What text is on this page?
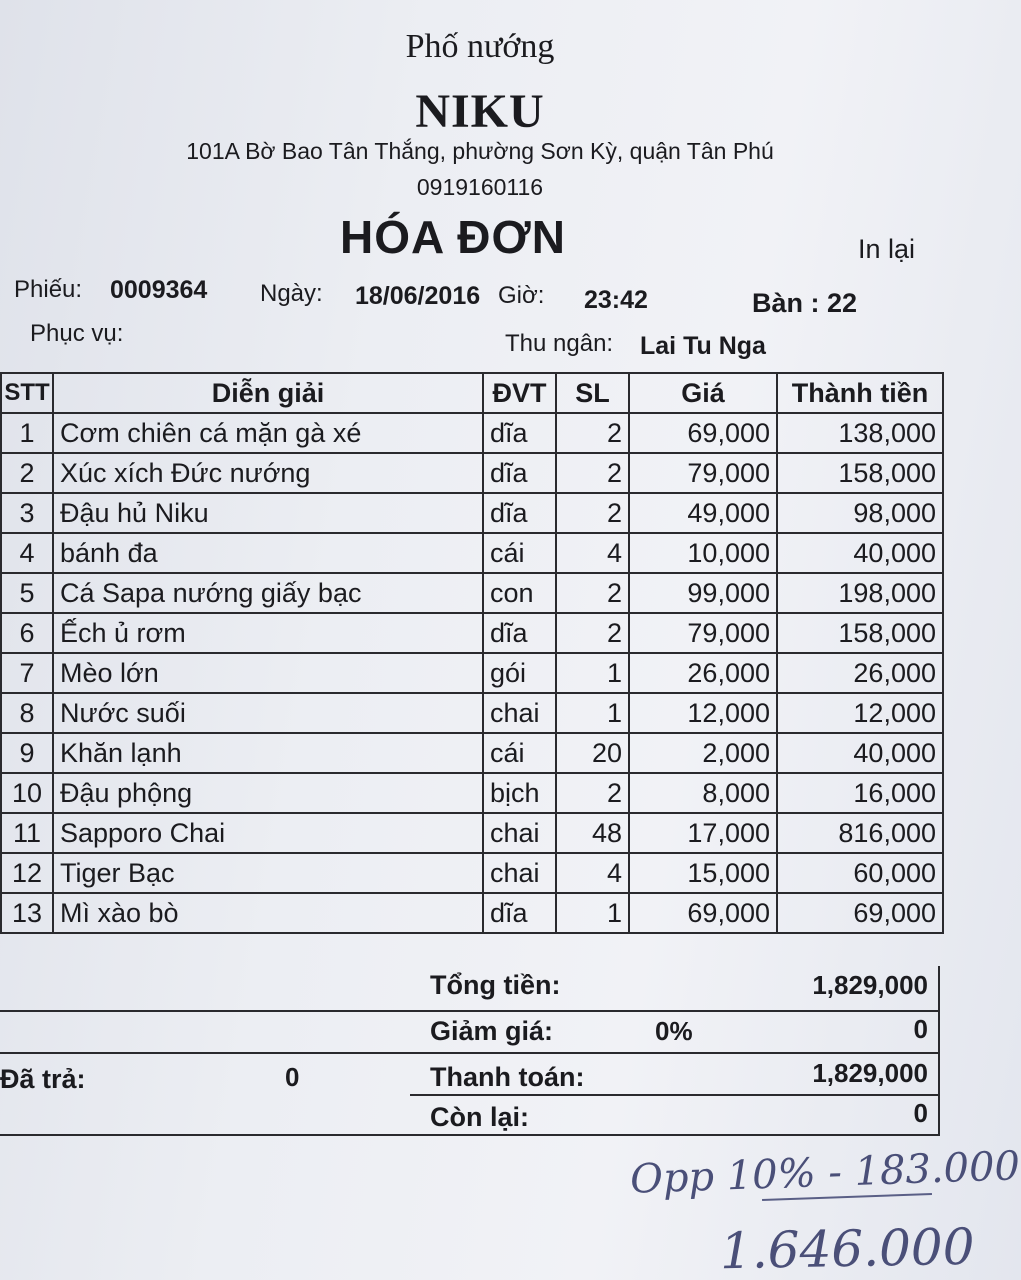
Phố nướng
NIKU
101A Bờ Bao Tân Thắng, phường Sơn Kỳ, quận Tân Phú
0919160116
HÓA ĐƠN	In lại
Phiếu: 0009364 Ngày: 18/06/2016 Giờ: 23:42	Bàn : 22
Phục vụ:	Thu ngân: Lai Tu Nga
STT	Diễn giải	ĐVT	SL	Giá	Thành tiền
1	Cơm chiên cá mặn gà xé	dĩa	2	69,000	138,000
2	Xúc xích Đức nướng	dĩa	2	79,000	158,000
3	Đậu hủ Niku	dĩa	2	49,000	98,000
4	bánh đa	cái	4	10,000	40,000
5	Cá Sapa nướng giấy bạc	con	2	99,000	198,000
6	Ếch ủ rơm	dĩa	2	79,000	158,000
7	Mèo lớn	gói	1	26,000	26,000
8	Nước suối	chai	1	12,000	12,000
9	Khăn lạnh	cái	20	2,000	40,000
10	Đậu phộng	bịch	2	8,000	16,000
11	Sapporo Chai	chai	48	17,000	816,000
12	Tiger Bạc	chai	4	15,000	60,000
13	Mì xào bò	dĩa	1	69,000	69,000
Tổng tiền:	1,829,000
Giảm giá:	0%	0
Đã trả:	0	Thanh toán:	1,829,000
Còn lại:	0
Opp 10% - 183.000
1.646.000
